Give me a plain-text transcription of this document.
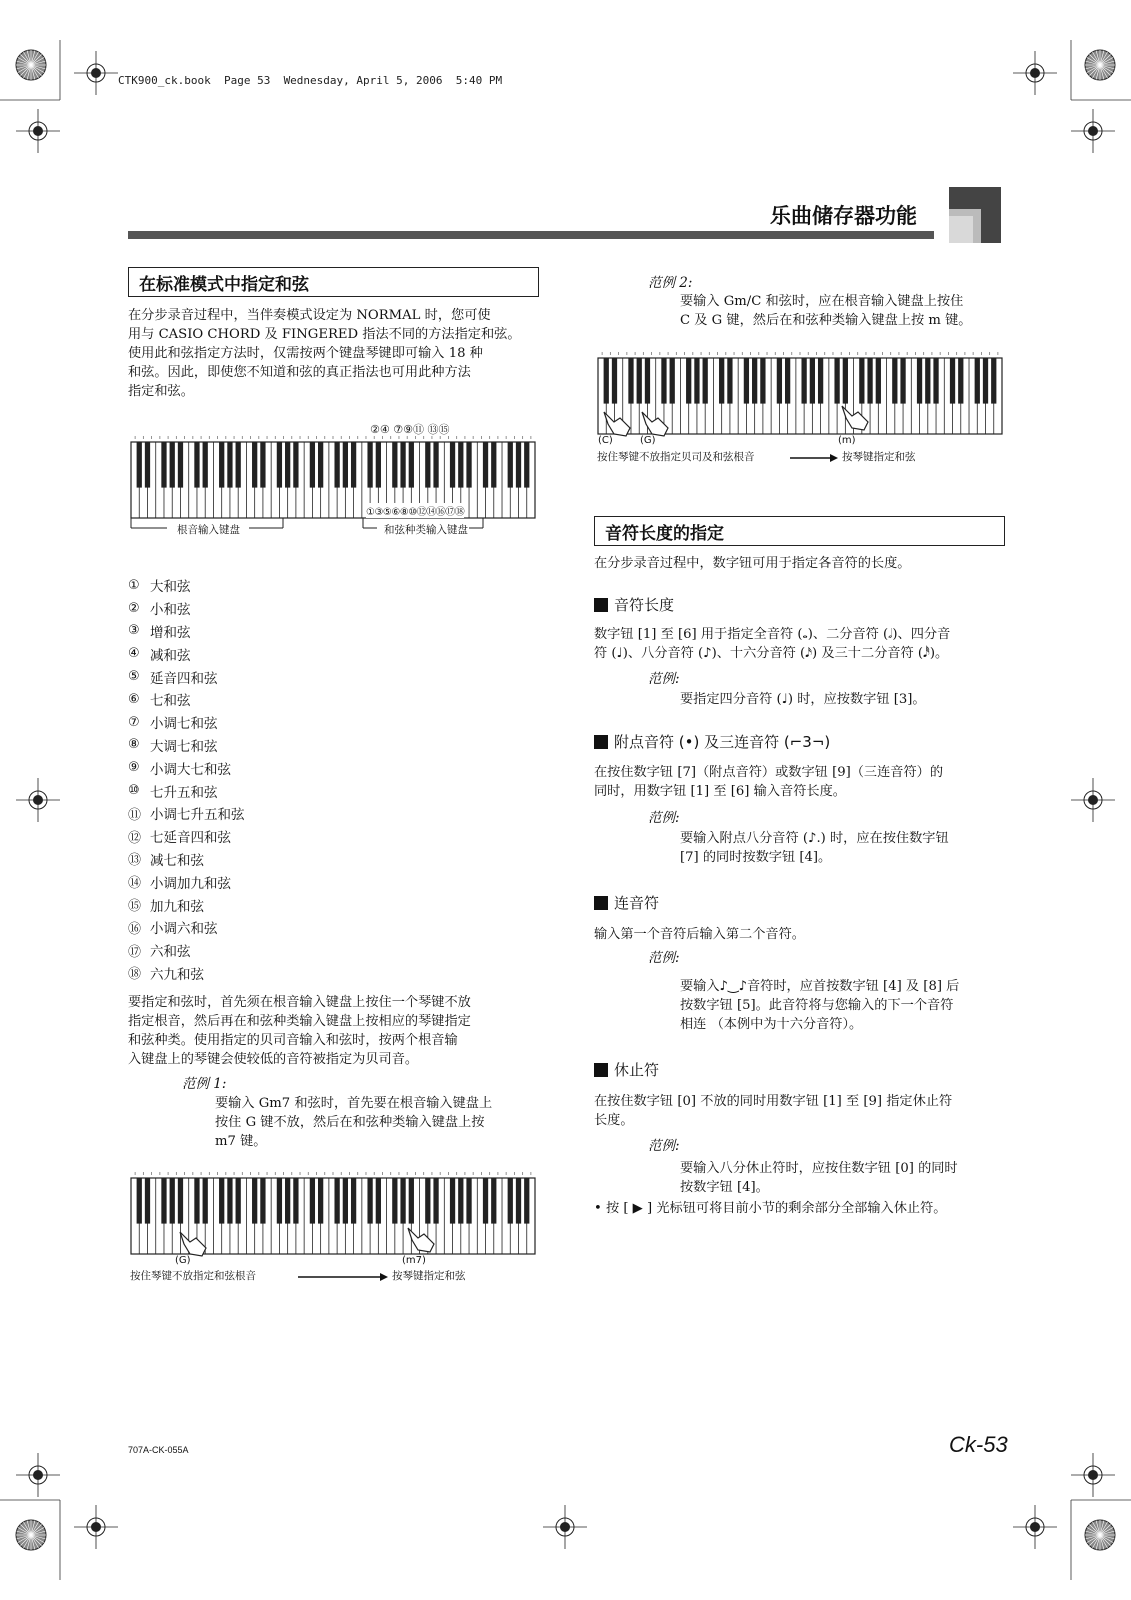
CTK900_ck.book  Page 53  Wednesday, April 5, 2006  5:40 PM
乐曲储存器功能
在标准模式中指定和弦
在分步录音过程中，当伴奏模式设定为 NORMAL 时，您可使
用与 CASIO CHORD 及 FINGERED 指法不同的方法指定和弦。
使用此和弦指定方法时，仅需按两个键盘琴键即可输入 18 种
和弦。因此，即使您不知道和弦的真正指法也可用此种方法
指定和弦。
②④ ⑦⑨⑪ ⑬⑮
①③⑤⑥⑧⑩⑫⑭⑯⑰⑱
根音输入键盘	和弦种类输入键盘
① 大和弦
② 小和弦
③ 增和弦
④ 减和弦
⑤ 延音四和弦
⑥ 七和弦
⑦ 小调七和弦
⑧ 大调七和弦
⑨ 小调大七和弦
⑩ 七升五和弦
⑪ 小调七升五和弦
⑫ 七延音四和弦
⑬ 减七和弦
⑭ 小调加九和弦
⑮ 加九和弦
⑯ 小调六和弦
⑰ 六和弦
⑱ 六九和弦
要指定和弦时，首先须在根音输入键盘上按住一个琴键不放
指定根音，然后再在和弦种类输入键盘上按相应的琴键指定
和弦种类。使用指定的贝司音输入和弦时，按两个根音输
入键盘上的琴键会使较低的音符被指定为贝司音。
范例 1:
要输入 Gm7 和弦时，首先要在根音输入键盘上
按住 G 键不放，然后在和弦种类输入键盘上按
m7 键。
(G)	(m7)
按住琴键不放指定和弦根音	按琴键指定和弦
范例 2:
要输入 Gm/C 和弦时，应在根音输入键盘上按住
C 及 G 键，然后在和弦种类输入键盘上按 m 键。
(C)	(G)	(m)
按住琴键不放指定贝司及和弦根音	按琴键指定和弦
音符长度的指定
在分步录音过程中，数字钮可用于指定各音符的长度。
音符长度
数字钮 [1] 至 [6] 用于指定全音符 (𝅝)、二分音符 (𝅗𝅥)、四分音
符 (♩)、八分音符 (♪)、十六分音符 (𝅘𝅥𝅯) 及三十二分音符 (𝅘𝅥𝅰)。
范例:
要指定四分音符 (♩) 时，应按数字钮 [3]。
附点音符 (•) 及三连音符 (⌐3¬)
在按住数字钮 [7]（附点音符）或数字钮 [9]（三连音符）的
同时，用数字钮 [1] 至 [6] 输入音符长度。
范例:
要输入附点八分音符 (♪.) 时，应在按住数字钮
[7] 的同时按数字钮 [4]。
连音符
输入第一个音符后输入第二个音符。
范例:
要输入♪‿♪音符时，应首按数字钮 [4] 及 [8] 后
按数字钮 [5]。此音符将与您输入的下一个音符
相连 （本例中为十六分音符）。
休止符
在按住数字钮 [0] 不放的同时用数字钮 [1] 至 [9] 指定休止符
长度。
范例:
要输入八分休止符时，应按住数字钮 [0] 的同时
按数字钮 [4]。
• 按 [ ▶ ] 光标钮可将目前小节的剩余部分全部输入休止符。
707A-CK-055A	Ck-53
